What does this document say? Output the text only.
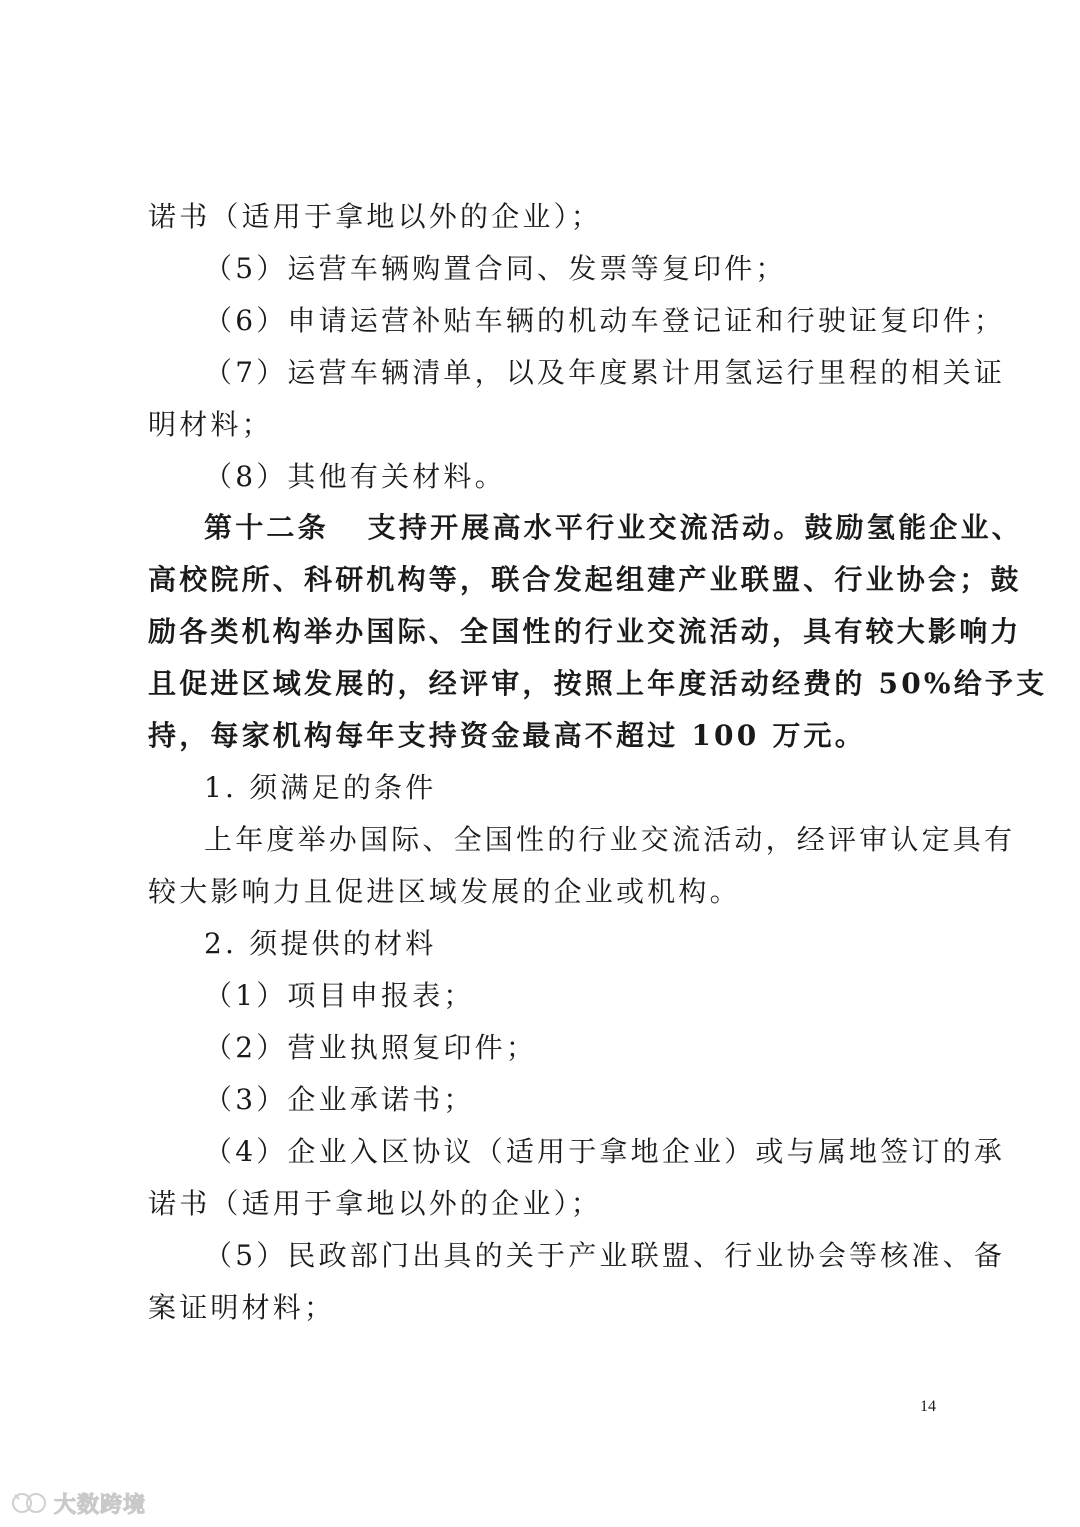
诺书（适用于拿地以外的企业）；
（5）运营车辆购置合同、发票等复印件；
（6）申请运营补贴车辆的机动车登记证和行驶证复印件；
（7）运营车辆清单，以及年度累计用氢运行里程的相关证
明材料；
（8）其他有关材料。
第十二条 支持开展高水平行业交流活动。鼓励氢能企业、
高校院所、科研机构等，联合发起组建产业联盟、行业协会；鼓
励各类机构举办国际、全国性的行业交流活动，具有较大影响力
且促进区域发展的，经评审，按照上年度活动经费的 50%给予支
持，每家机构每年支持资金最高不超过 100 万元。
1. 须满足的条件
上年度举办国际、全国性的行业交流活动，经评审认定具有
较大影响力且促进区域发展的企业或机构。
2. 须提供的材料
（1）项目申报表；
（2）营业执照复印件；
（3）企业承诺书；
（4）企业入区协议（适用于拿地企业）或与属地签订的承
诺书（适用于拿地以外的企业）；
（5）民政部门出具的关于产业联盟、行业协会等核准、备
案证明材料；
14
大数跨境
